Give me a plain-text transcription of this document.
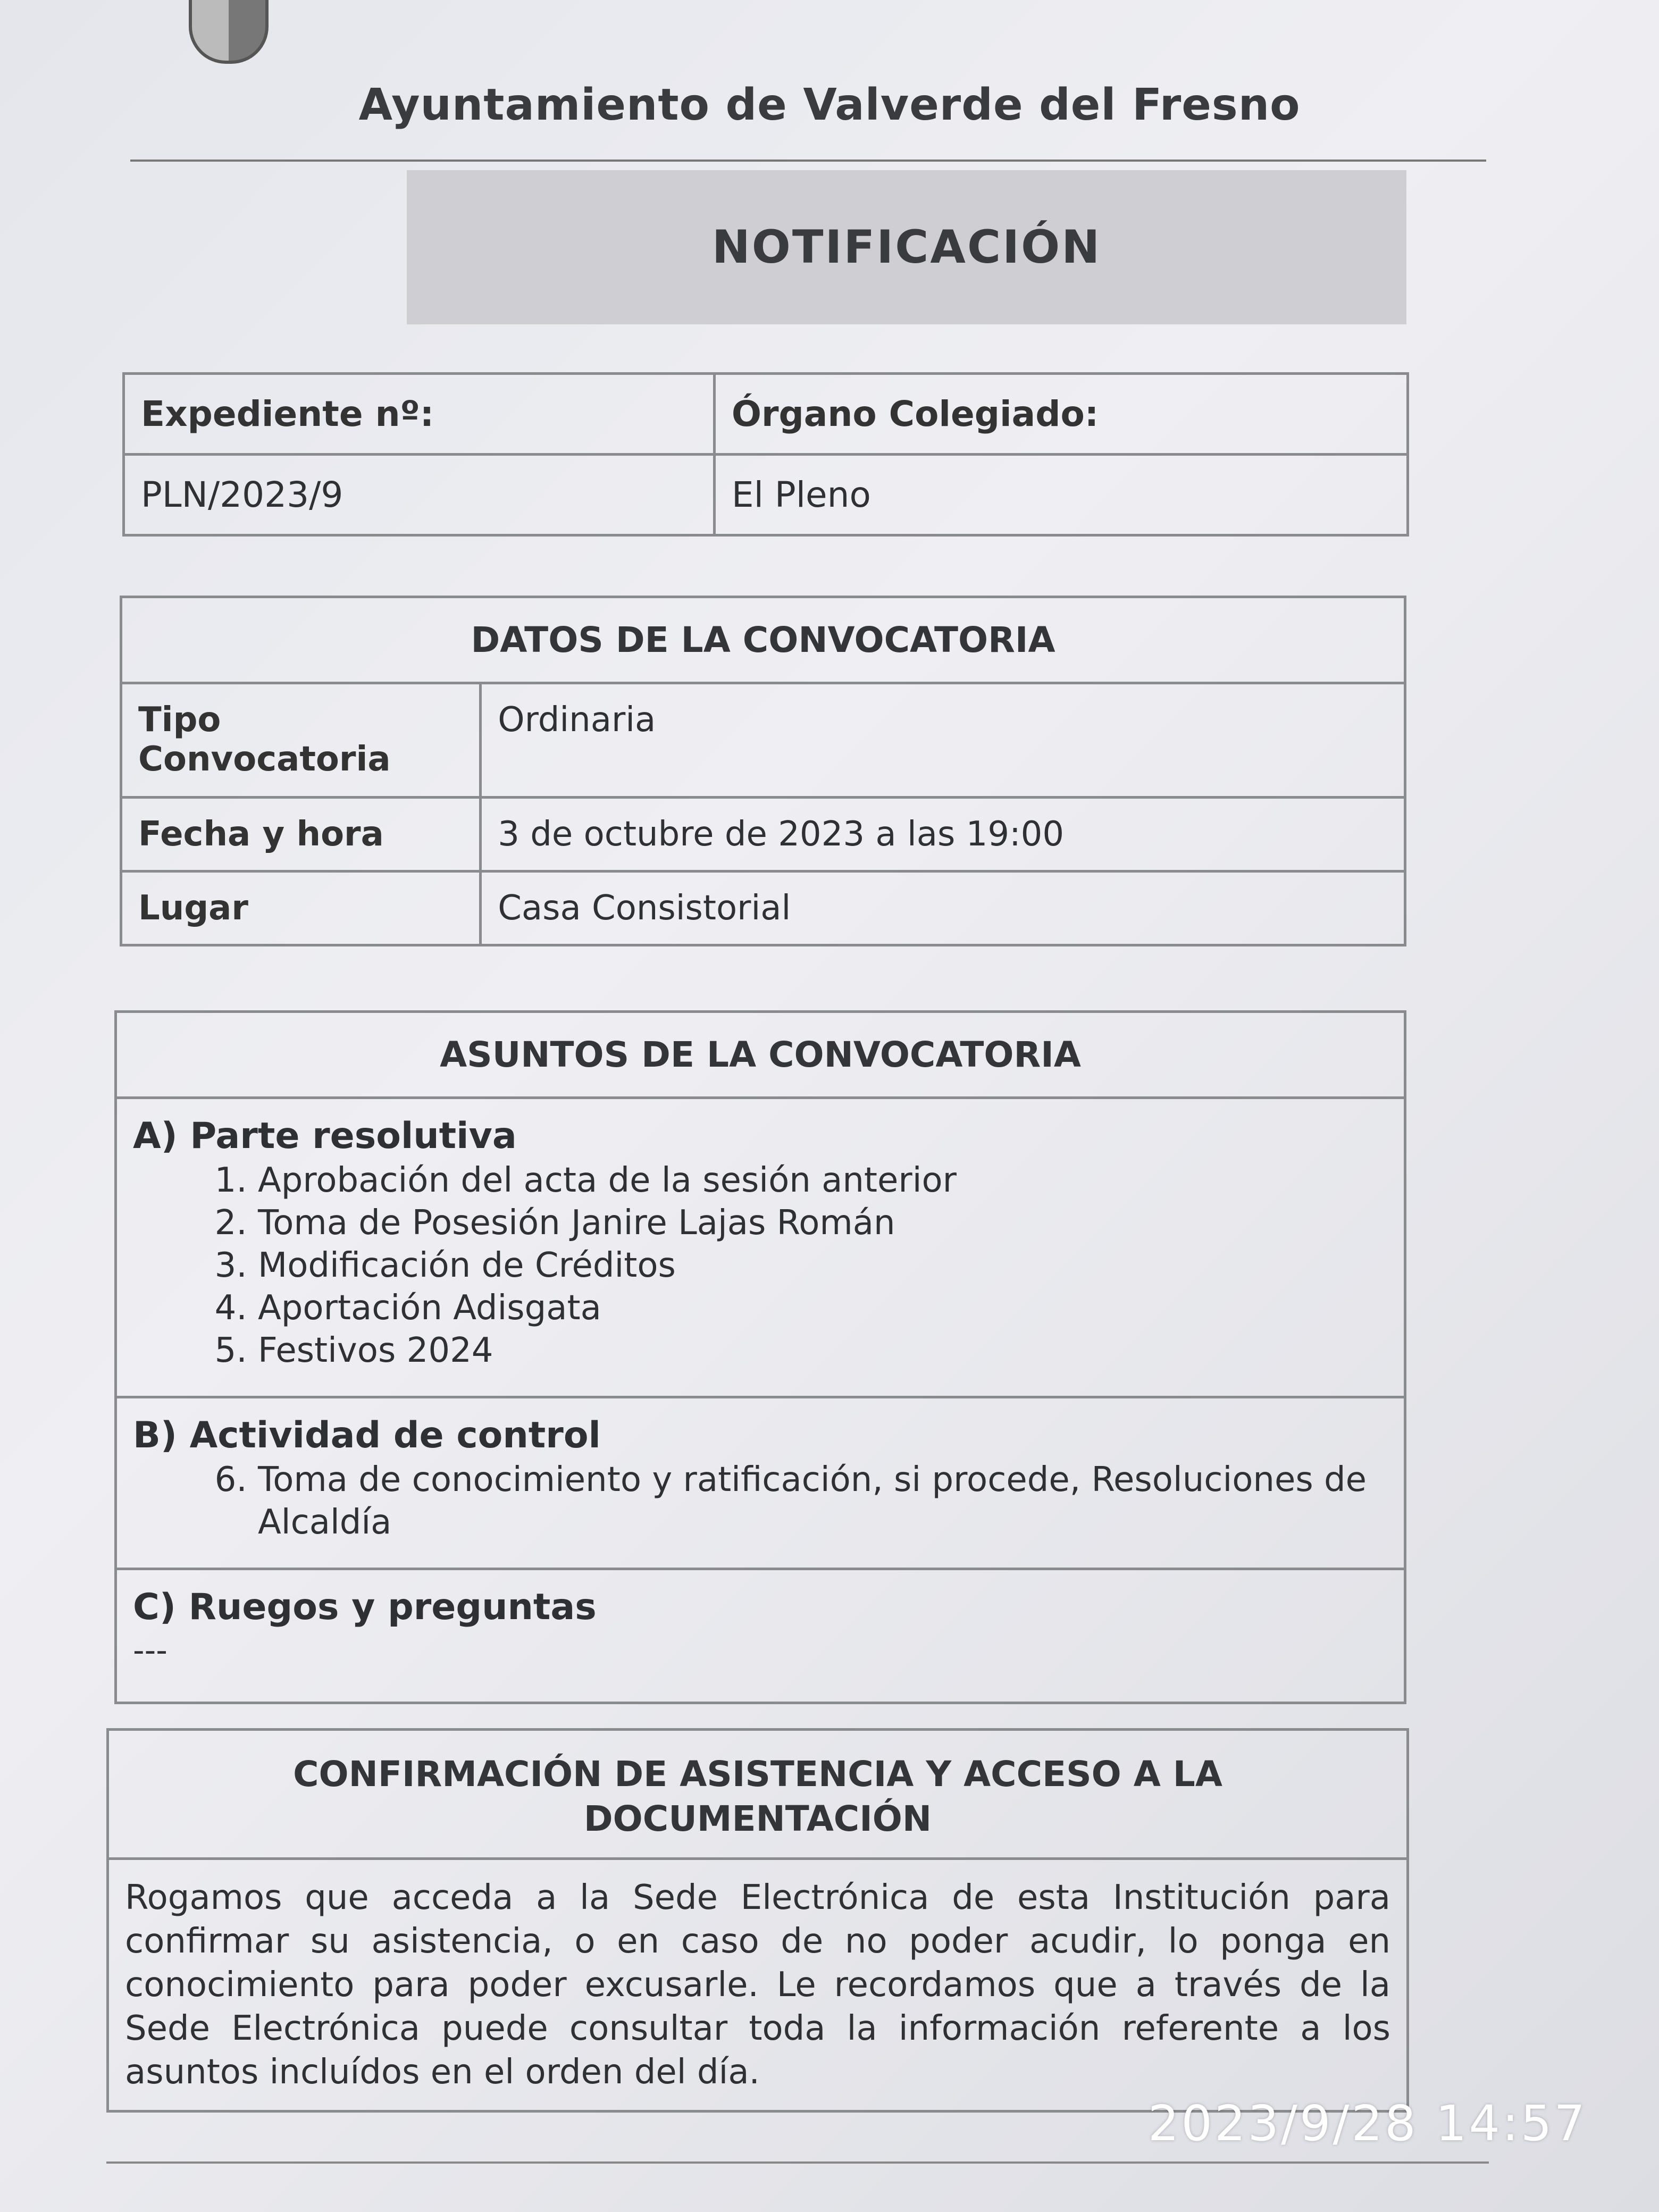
Ayuntamiento de Valverde del Fresno
NOTIFICACIÓN
Expediente nº:	Órgano Colegiado:
PLN/2023/9	El Pleno
DATOS DE LA CONVOCATORIA	
Tipo Convocatoria	Ordinaria
Fecha y hora	3 de octubre de 2023 a las 19:00
Lugar	Casa Consistorial
ASUNTOS DE LA CONVOCATORIA

A) Parte resolutiva
1. Aprobación del acta de la sesión anterior
2. Toma de Posesión Janire Lajas Román
3. Modificación de Créditos
4. Aportación Adisgata
5. Festivos 2024

B) Actividad de control
6. Toma de conocimiento y ratificación, si procede, Resoluciones de Alcaldía

C) Ruegos y preguntas
---
CONFIRMACIÓN DE ASISTENCIA Y ACCESO A LA DOCUMENTACIÓN
Rogamos que acceda a la Sede Electrónica de esta Institución para confirmar su asistencia, o en caso de no poder acudir, lo ponga en conocimiento para poder excusarle. Le recordamos que a través de la Sede Electrónica puede consultar toda la información referente a los asuntos incluídos en el orden del día.
2023/9/28 14:57
